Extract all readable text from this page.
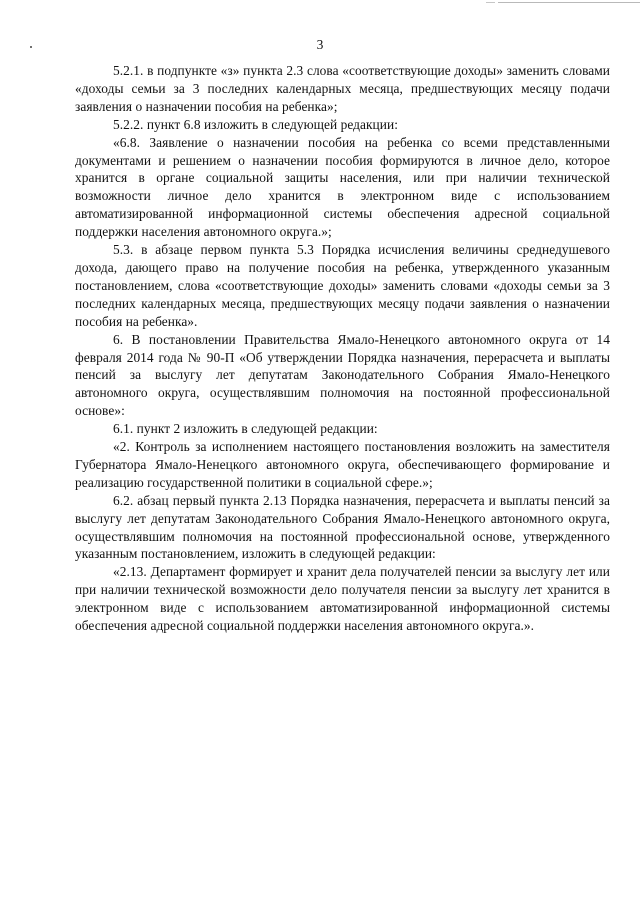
3

5.2.1. в подпункте «з» пункта 2.3 слова «соответствующие доходы» заменить словами «доходы семьи за 3 последних календарных месяца, предшествующих месяцу подачи заявления о назначении пособия на ребенка»;

5.2.2. пункт 6.8 изложить в следующей редакции:

«6.8. Заявление о назначении пособия на ребенка со всеми представленными документами и решением о назначении пособия формируются в личное дело, которое хранится в органе социальной защиты населения, или при наличии технической возможности личное дело хранится в электронном виде с использованием автоматизированной информационной системы обеспечения адресной социальной поддержки населения автономного округа.»;

5.3. в абзаце первом пункта 5.3 Порядка исчисления величины среднедушевого дохода, дающего право на получение пособия на ребенка, утвержденного указанным постановлением, слова «соответствующие доходы» заменить словами «доходы семьи за 3 последних календарных месяца, предшествующих месяцу подачи заявления о назначении пособия на ребенка».

6. В постановлении Правительства Ямало-Ненецкого автономного округа от 14 февраля 2014 года № 90-П «Об утверждении Порядка назначения, перерасчета и выплаты пенсий за выслугу лет депутатам Законодательного Собрания Ямало-Ненецкого автономного округа, осуществлявшим полномочия на постоянной профессиональной основе»:

6.1. пункт 2 изложить в следующей редакции:

«2. Контроль за исполнением настоящего постановления возложить на заместителя Губернатора Ямало-Ненецкого автономного округа, обеспечивающего формирование и реализацию государственной политики в социальной сфере.»;

6.2. абзац первый пункта 2.13 Порядка назначения, перерасчета и выплаты пенсий за выслугу лет депутатам Законодательного Собрания Ямало-Ненецкого автономного округа, осуществлявшим полномочия на постоянной профессиональной основе, утвержденного указанным постановлением, изложить в следующей редакции:

«2.13. Департамент формирует и хранит дела получателей пенсии за выслугу лет или при наличии технической возможности дело получателя пенсии за выслугу лет хранится в электронном виде с использованием автоматизированной информационной системы обеспечения адресной социальной поддержки населения автономного округа.».
